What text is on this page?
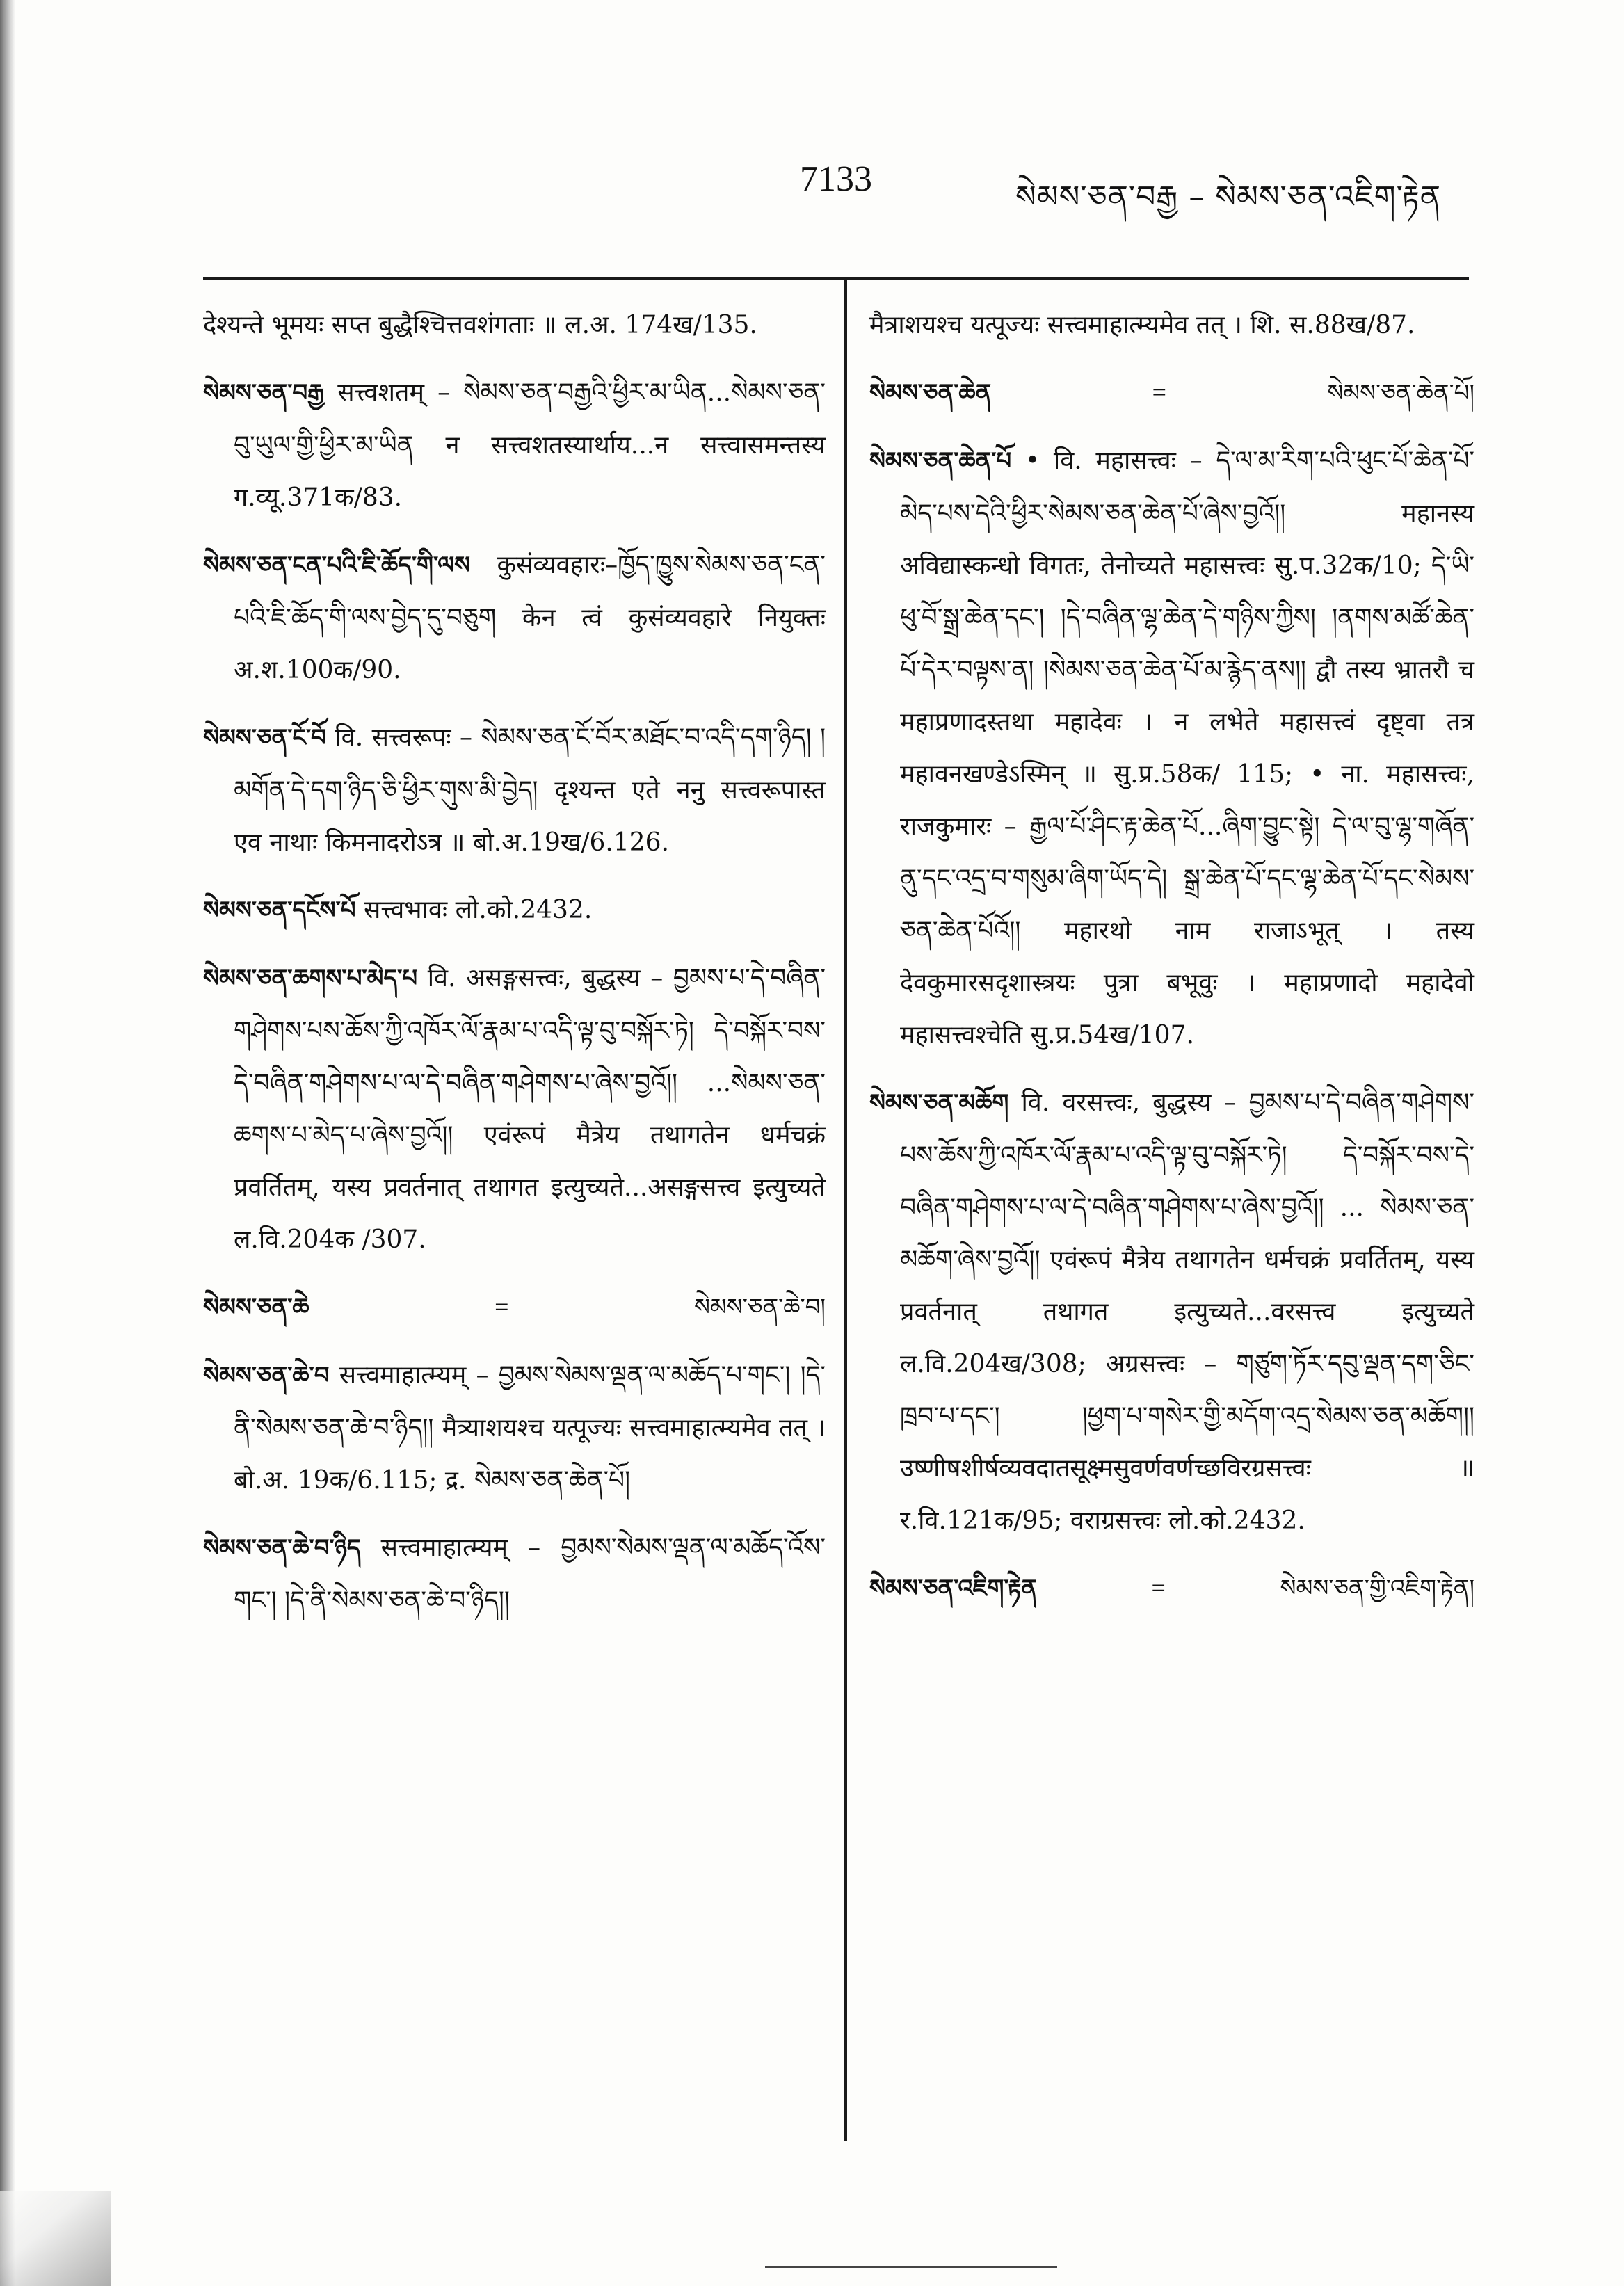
7133	སེམས་ཅན་བརྒྱ – སེམས་ཅན་འཇིག་རྟེན

देश्यन्ते भूमयः सप्त बुद्धैश्चित्तवशंगताः ॥ ल.अ. 174ख/135.

སེམས་ཅན་བརྒྱ सत्त्वशतम् – སེམས་ཅན་བརྒྱའི་ཕྱིར་མ་ཡིན...སེམས་ཅན་བུ་ཡུལ་གྱི་ཕྱིར་མ་ཡིན न सत्त्वशतस्यार्थाय...न सत्त्वासमन्तस्य ग.व्यू.371क/83.

སེམས་ཅན་ངན་པའི་ཇི་ཆོད་གི་ལས कुसंव्यवहारः–ཁྱོད་ཁྱུས་སེམས་ཅན་ངན་པའི་ཇི་ཆོད་གི་ལས་བྱེད་དུ་བཅུག केन त्वं कुसंव्यवहारे नियुक्तः अ.श.100क/90.

སེམས་ཅན་ངོ་བོ वि. सत्त्वरूपः – སེམས་ཅན་ངོ་བོར་མཐོང་བ་འདི་དག་ཉིད། །མགོན་དེ་དག་ཉིད་ཅི་ཕྱིར་གུས་མི་བྱེད། दृश्यन्त एते ननु सत्त्वरूपास्त एव नाथाः किमनादरोऽत्र ॥ बो.अ.19ख/6.126.

སེམས་ཅན་དངོས་པོ सत्त्वभावः लो.को.2432.

སེམས་ཅན་ཆགས་པ་མེད་པ वि. असङ्गसत्त्वः, बुद्धस्य – བྱམས་པ་དེ་བཞིན་གཤེགས་པས་ཆོས་ཀྱི་འཁོར་ལོ་རྣམ་པ་འདི་ལྟ་བུ་བསྐོར་ཏེ། དེ་བསྐོར་བས་དེ་བཞིན་གཤེགས་པ་ལ་དེ་བཞིན་གཤེགས་པ་ཞེས་བྱའོ།། ...སེམས་ཅན་ཆགས་པ་མེད་པ་ཞེས་བྱའོ།། एवंरूपं मैत्रेय तथागतेन धर्मचक्रं प्रवर्तितम्, यस्य प्रवर्तनात् तथागत इत्युच्यते...असङ्गसत्त्व इत्युच्यते ल.वि.204क /307.

སེམས་ཅན་ཆེ	=	སེམས་ཅན་ཆེ་བ།

སེམས་ཅན་ཆེ་བ सत्त्वमाहात्म्यम् – བྱམས་སེམས་ལྡན་ལ་མཆོད་པ་གང་། །དེ་ནི་སེམས་ཅན་ཆེ་བ་ཉིད།། मैत्र्याशयश्च यत्पूज्यः सत्त्वमाहात्म्यमेव तत् । बो.अ. 19क/6.115; द्र. སེམས་ཅན་ཆེན་པོ།

སེམས་ཅན་ཆེ་བ་ཉིད सत्त्वमाहात्म्यम् – བྱམས་སེམས་ལྡན་ལ་མཆོད་འོས་གང་། །དེ་ནི་སེམས་ཅན་ཆེ་བ་ཉིད།།

मैत्राशयश्च यत्पूज्यः सत्त्वमाहात्म्यमेव तत् । शि. स.88ख/87.

སེམས་ཅན་ཆེན	=	སེམས་ཅན་ཆེན་པོ།

སེམས་ཅན་ཆེན་པོ • वि. महासत्त्वः – དེ་ལ་མ་རིག་པའི་ཕུང་པོ་ཆེན་པོ་མེད་པས་དེའི་ཕྱིར་སེམས་ཅན་ཆེན་པོ་ཞེས་བྱའོ།། महानस्य अविद्यास्कन्धो विगतः, तेनोच्यते महासत्त्वः सु.प.32क/10; དེ་ཡི་ཕུ་བོ་སྒྲ་ཆེན་དང་། །དེ་བཞིན་ལྷ་ཆེན་དེ་གཉིས་ཀྱིས། །ནགས་མཚོ་ཆེན་པོ་དེར་བལྟས་ན། །སེམས་ཅན་ཆེན་པོ་མ་རྙེད་ནས།། द्वौ तस्य भ्रातरौ च महाप्रणादस्तथा महादेवः । न लभेते महासत्त्वं दृष्ट्वा तत्र महावनखण्डेऽस्मिन् ॥ सु.प्र.58क/ 115; • ना. महासत्त्वः, राजकुमारः – རྒྱལ་པོ་ཤིང་རྟ་ཆེན་པོ...ཞིག་བྱུང་སྟེ། དེ་ལ་བུ་ལྷ་གཞོན་ནུ་དང་འདྲ་བ་གསུམ་ཞིག་ཡོད་དེ། སྒྲ་ཆེན་པོ་དང་ལྷ་ཆེན་པོ་དང་སེམས་ཅན་ཆེན་པོའོ།། महारथो नाम राजाऽभूत् । तस्य देवकुमारसदृशास्त्रयः पुत्रा बभूवुः । महाप्रणादो महादेवो महासत्त्वश्चेति सु.प्र.54ख/107.

སེམས་ཅན་མཆོག वि. वरसत्त्वः, बुद्धस्य – བྱམས་པ་དེ་བཞིན་གཤེགས་པས་ཆོས་ཀྱི་འཁོར་ལོ་རྣམ་པ་འདི་ལྟ་བུ་བསྐོར་ཏེ། དེ་བསྐོར་བས་དེ་བཞིན་གཤེགས་པ་ལ་དེ་བཞིན་གཤེགས་པ་ཞེས་བྱའོ།། ... སེམས་ཅན་མཆོག་ཞེས་བྱའོ།། एवंरूपं मैत्रेय तथागतेन धर्मचक्रं प्रवर्तितम्, यस्य प्रवर्तनात् तथागत इत्युच्यते...वरसत्त्व इत्युच्यते ल.वि.204ख/308; अग्रसत्त्वः – གཙུག་ཏོར་དབུ་ལྡན་དག་ཅིང་ཁྲབ་པ་དང་། །ཕྱག་པ་གསེར་གྱི་མདོག་འདྲ་སེམས་ཅན་མཆོག།། उष्णीषशीर्षव्यवदातसूक्ष्मसुवर्णवर्णच्छविरग्रसत्त्वः ॥ र.वि.121क/95; वराग्रसत्त्वः लो.को.2432.

སེམས་ཅན་འཇིག་རྟེན	=	སེམས་ཅན་གྱི་འཇིག་རྟེན།
